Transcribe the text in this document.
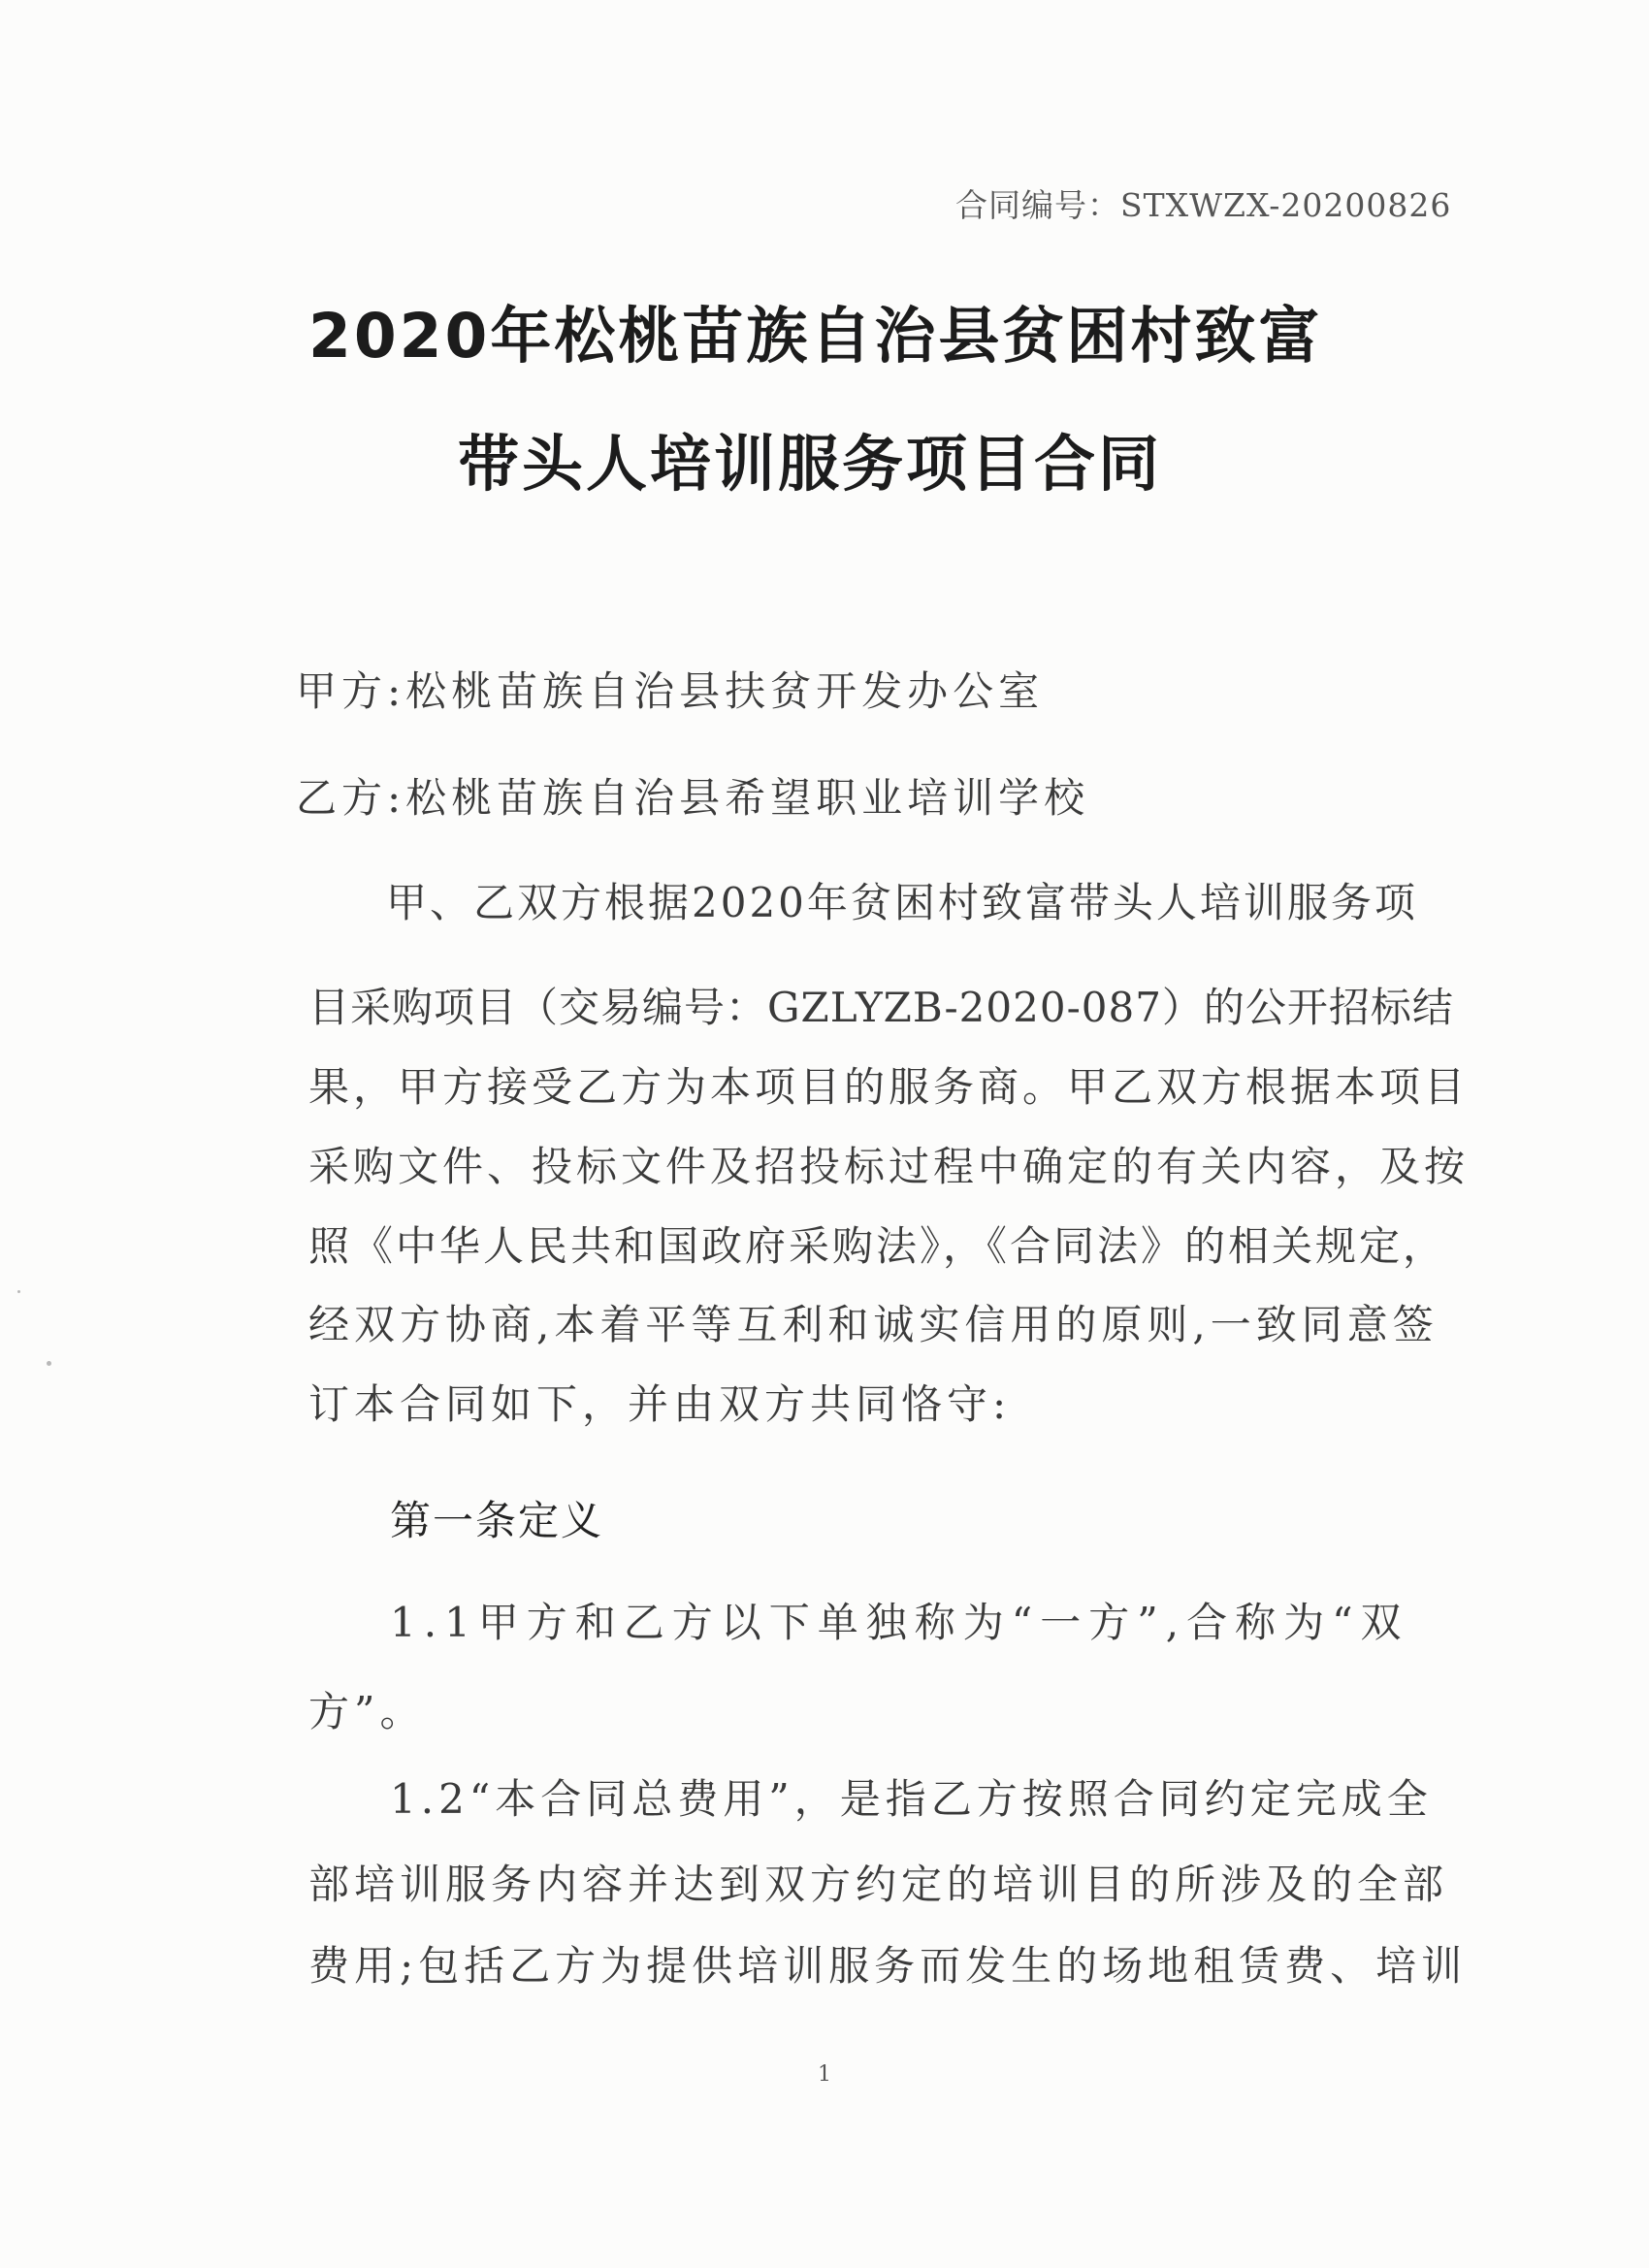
合同编号：STXWZX-20200826
2020年松桃苗族自治县贫困村致富
带头人培训服务项目合同
甲方:松桃苗族自治县扶贫开发办公室
乙方:松桃苗族自治县希望职业培训学校
甲、乙双方根据2020年贫困村致富带头人培训服务项
目采购项目（交易编号：GZLYZB-2020-087）的公开招标结
果，甲方接受乙方为本项目的服务商。甲乙双方根据本项目
采购文件、投标文件及招投标过程中确定的有关内容，及按
照《中华人民共和国政府采购法》，《合同法》的相关规定，
经双方协商,本着平等互利和诚实信用的原则,一致同意签
订本合同如下，并由双方共同恪守:
第一条定义
1.1甲方和乙方以下单独称为“一方”,合称为“双
方”。
1.2“本合同总费用”，是指乙方按照合同约定完成全
部培训服务内容并达到双方约定的培训目的所涉及的全部
费用;包括乙方为提供培训服务而发生的场地租赁费、培训
1
